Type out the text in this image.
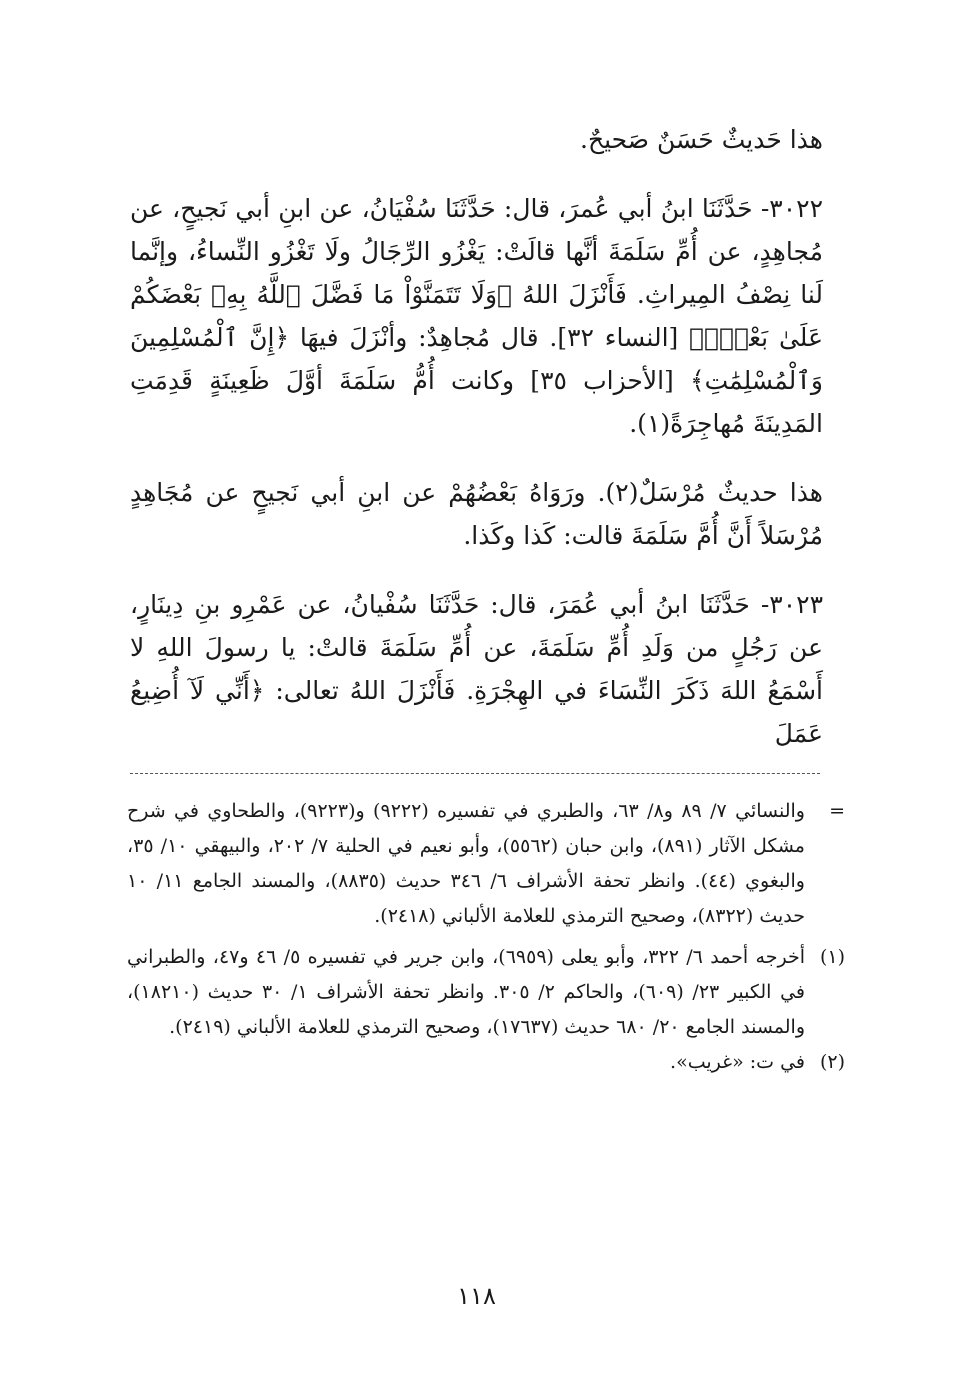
هذا حَديثٌ حَسَنٌ صَحيحٌ.

٣٠٢٢- حَدَّثَنَا ابنُ أبي عُمرَ، قال: حَدَّثَنَا سُفْيَانُ، عن ابنِ أبي نَجيحٍ، عن مُجاهِدٍ، عن أُمِّ سَلَمَةَ أنَّها قالَتْ: يَغْزُو الرِّجَالُ ولَا تَغْزُو النِّساءُ، وإنَّما لَنا نِصْفُ المِيراثِ. فَأَنْزَلَ اللهُ ﴿وَلَا تَتَمَنَّوْاْ مَا فَضَّلَ ٱللَّهُ بِهِۦ بَعْضَكُمْ عَلَىٰ بَعْضٍۚ﴾ [النساء ٣٢]. قال مُجاهِدٌ: وأنْزَلَ فيهَا ﴿إِنَّ ٱلْمُسْلِمِينَ وَٱلْمُسْلِمَٰتِ﴾ [الأحزاب ٣٥] وكانت أُمُّ سَلَمَةَ أوَّلَ ظَعِينَةٍ قَدِمَتِ المَدِينَةَ مُهاجِرَةً(١).

هذا حديثٌ مُرْسَلٌ(٢). ورَوَاهُ بَعْضُهُمْ عن ابنِ أبي نَجيحٍ عن مُجَاهِدٍ مُرْسَلاً أَنَّ أُمَّ سَلَمَةَ قالت: كَذا وكَذا.

٣٠٢٣- حَدَّثَنَا ابنُ أبي عُمَرَ، قال: حَدَّثَنَا سُفْيانُ، عن عَمْرِو بنِ دِينَارٍ، عن رَجُلٍ من وَلَدِ أُمِّ سَلَمَةَ، عن أُمِّ سَلَمَةَ قالتْ: يا رسولَ اللهِ لا أَسْمَعُ اللهَ ذَكَرَ النِّسَاءَ في الهِجْرَةِ. فَأَنْزَلَ اللهُ تعالى: ﴿أَنِّي لَآ أُضِيعُ عَمَلَ

=
والنسائي ٧/ ٨٩ و٨/ ٦٣، والطبري في تفسيره (٩٢٢٢) و(٩٢٢٣)، والطحاوي في شرح مشكل الآثار (٨٩١)، وابن حبان (٥٥٦٢)، وأبو نعيم في الحلية ٧/ ٢٠٢، والبيهقي ١٠/ ٣٥، والبغوي (٤٤). وانظر تحفة الأشراف ٦/ ٣٤٦ حديث (٨٨٣٥)، والمسند الجامع ١١/ ١٠ حديث (٨٣٢٢)، وصحيح الترمذي للعلامة الألباني (٢٤١٨).
(١)
أخرجه أحمد ٦/ ٣٢٢، وأبو يعلى (٦٩٥٩)، وابن جرير في تفسيره ٥/ ٤٦ و٤٧، والطبراني في الكبير ٢٣/ (٦٠٩)، والحاكم ٢/ ٣٠٥. وانظر تحفة الأشراف ١/ ٣٠ حديث (١٨٢١٠)، والمسند الجامع ٢٠/ ٦٨٠ حديث (١٧٦٣٧)، وصحيح الترمذي للعلامة الألباني (٢٤١٩).
(٢)
في ت: «غريب».
١١٨
